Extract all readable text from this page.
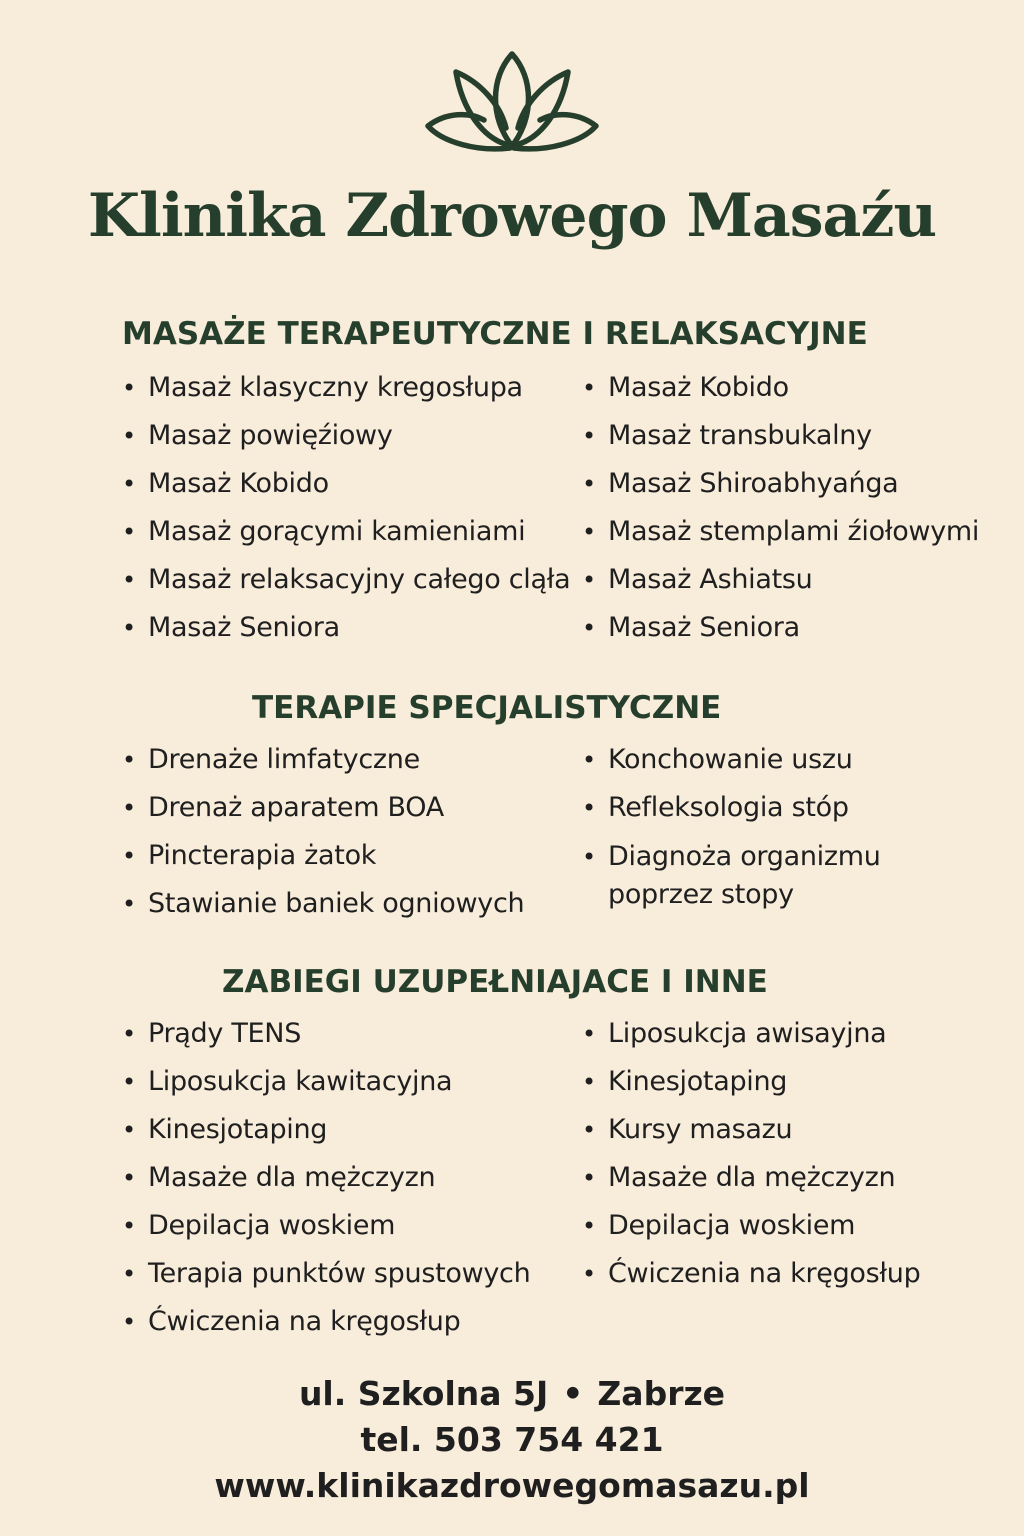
Klinika Zdrowego Masaźu
MASAŻE TERAPEUTYCZNE I RELAKSACYJNE
• Masaż klasyczny kregosłupa
• Masaż powięźiowy
• Masaż Kobido
• Masaż gorącymi kamieniami
• Masaż relaksacyjny całego cląła
• Masaż Seniora
• Masaż Kobido
• Masaż transbukalny
• Masaż Shiroabhyańga
• Masaż stemplami źiołowymi
• Masaż Ashiatsu
• Masaż Seniora
TERAPIE SPECJALISTYCZNE
• Drenaże limfatyczne
• Drenaż aparatem BOA
• Pincterapia żatok
• Stawianie baniek ogniowych
• Konchowanie uszu
• Refleksologia stóp
• Diagnoża organizmu poprzez stopy
ZABIEGI UZUPEŁNIAJACE I INNE
• Prądy TENS
• Liposukcja kawitacyjna
• Kinesjotaping
• Masaże dla mężczyzn
• Depilacja woskiem
• Terapia punktów spustowych
• Ćwiczenia na kręgosłup
• Liposukcja awisayjna
• Kinesjotaping
• Kursy masazu
• Masaże dla mężczyzn
• Depilacja woskiem
• Ćwiczenia na kręgosłup

ul. Szkolna 5J • Zabrze

tel. 503 754 421

www.klinikazdrowegomasazu.pl
